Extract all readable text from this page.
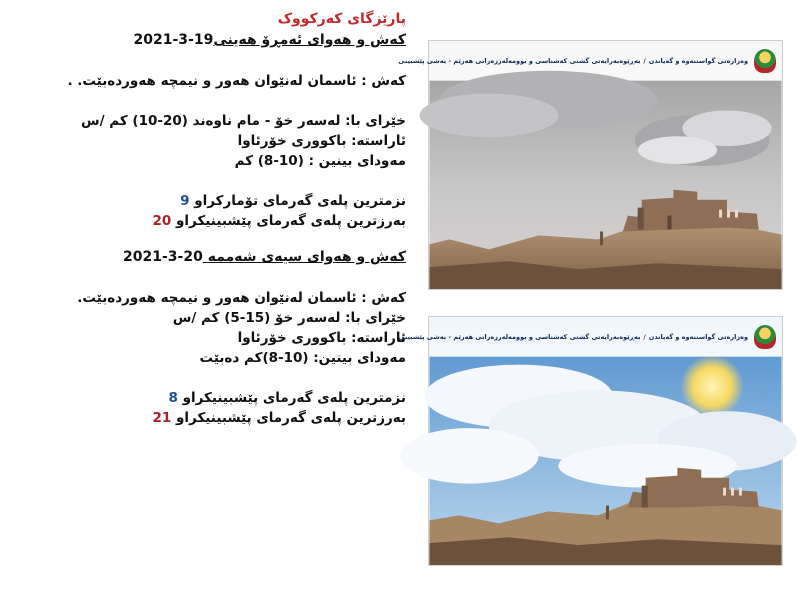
پارێزگای کەرکووک
کەش و هەوای ئەمڕۆ هەینی2021-3-19
کەش : ئاسمان لەنێوان هەور و نیمچە هەوردەبێت. .
خێرای با: لەسەر خۆ - مام ناوەند (10-20) کم /س
ئاراستە: باکووری خۆرئاوا
مەودای بینین : (8-10) کم
نزمترین پلەی گەرمای تۆمارکراو 9
بەرزترین پلەی گەرمای پێشبینیکراو 20
کەش و هەوای سیەی شەممە 2021-3-20
کەش : ئاسمان لەنێوان هەور و نیمچە هەوردەبێت.
خێرای با: لەسەر خۆ (5-15) کم /س
ئاراستە: باکووری خۆرئاوا
مەودای بینین: (8-10)کم دەبێت
نزمترین پلەی گەرمای پێشبینیکراو 8
بەرزترین پلەی گەرمای پێشبینیکراو 21
وەزارەتی گواستنەوە و گەیاندن
/
بەڕێوەبەرایەتی گشتی کەشناسی و بوومەلەرزەزانی هەرێم - بەشی پێشبینی
وەزارەتی گواستنەوە و گەیاندن
/
بەڕێوەبەرایەتی گشتی کەشناسی و بوومەلەرزەزانی هەرێم - بەشی پێشبینی
